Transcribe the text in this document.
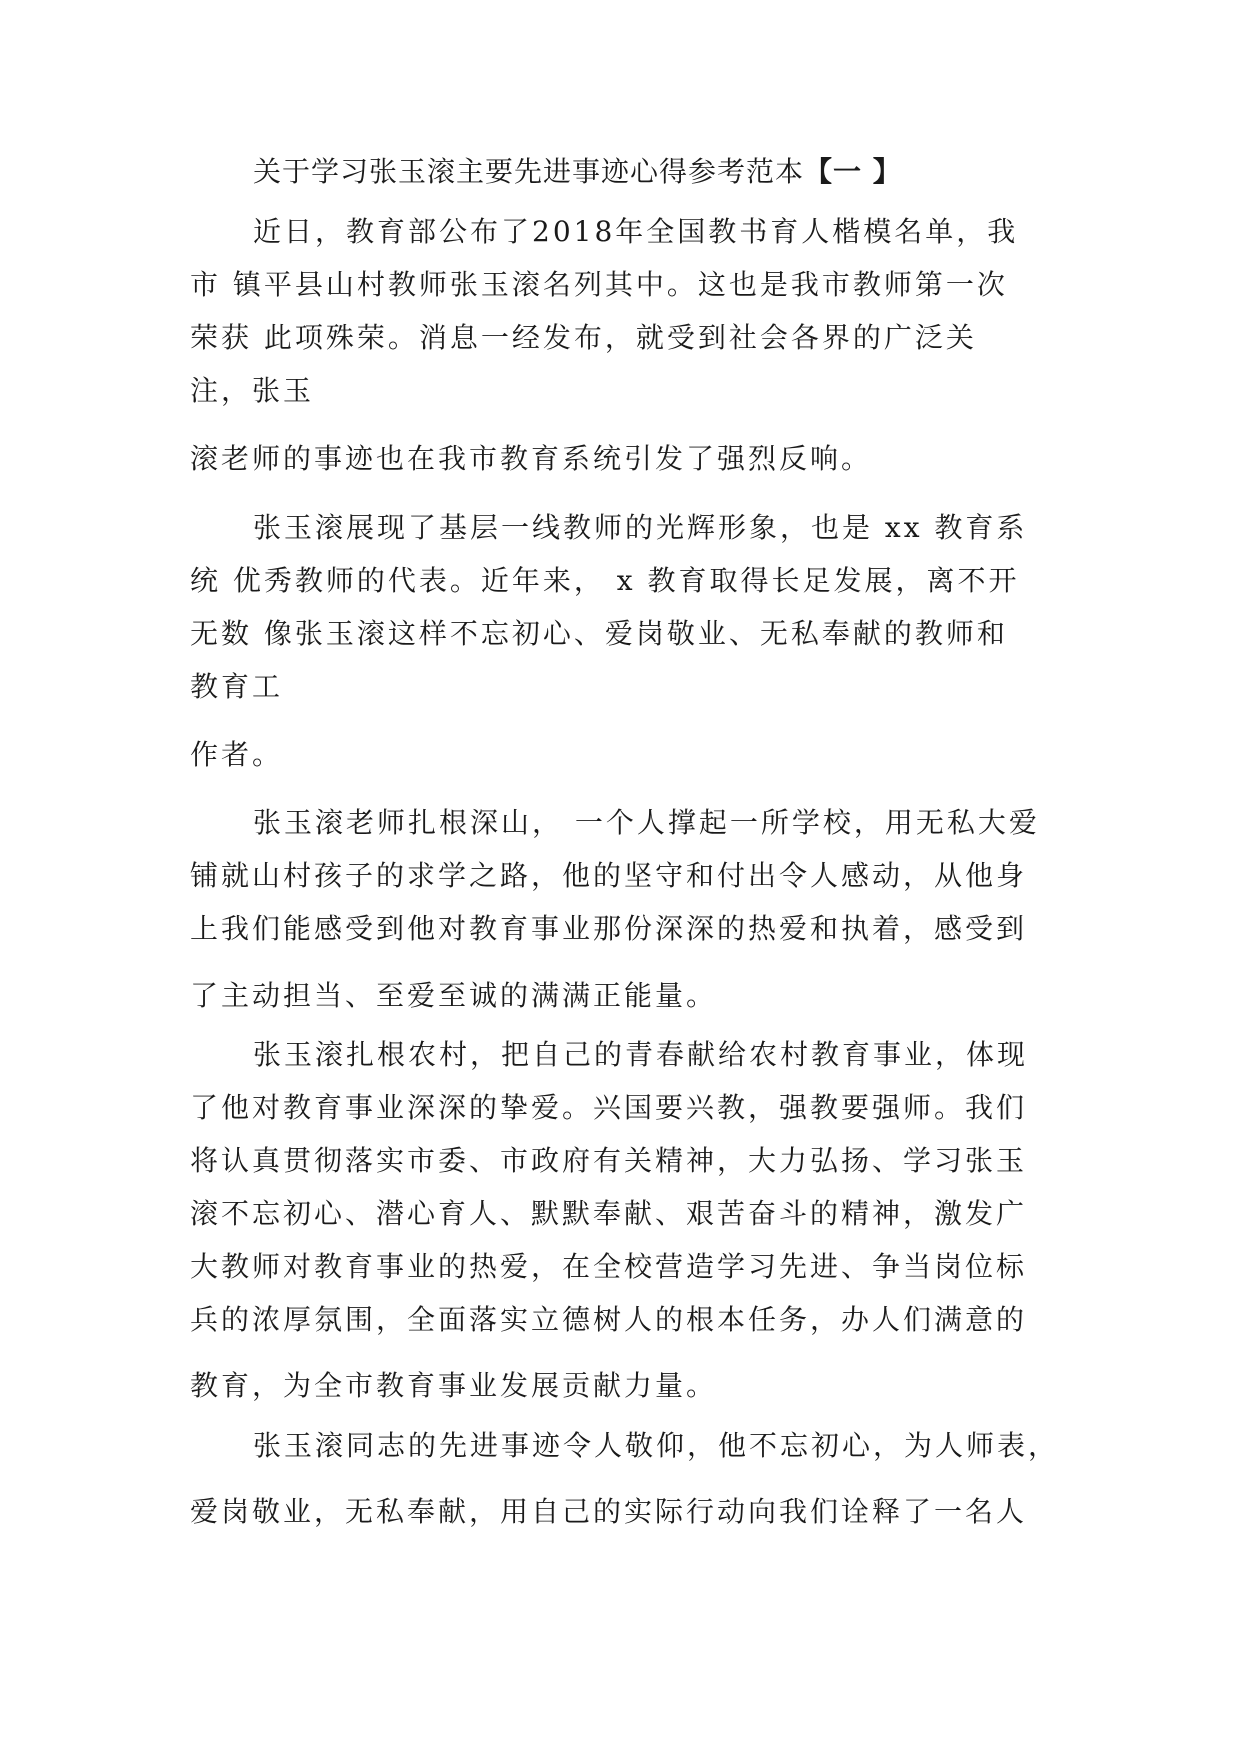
关于学习张玉滚主要先进事迹心得参考范本【一 】
近日，教育部公布了2018年全国教书育人楷模名单，我
市 镇平县山村教师张玉滚名列其中。这也是我市教师第一次
荣获 此项殊荣。消息一经发布，就受到社会各界的广泛关
注，张玉
滚老师的事迹也在我市教育系统引发了强烈反响。
张玉滚展现了基层一线教师的光辉形象，也是 xx 教育系
统 优秀教师的代表。近年来， x 教育取得长足发展，离不开
无数 像张玉滚这样不忘初心、爱岗敬业、无私奉献的教师和
教育工
作者。
张玉滚老师扎根深山， 一个人撑起一所学校，用无私大爱
铺就山村孩子的求学之路，他的坚守和付出令人感动，从他身
上我们能感受到他对教育事业那份深深的热爱和执着，感受到
了主动担当、至爱至诚的满满正能量。
张玉滚扎根农村，把自己的青春献给农村教育事业，体现
了他对教育事业深深的挚爱。兴国要兴教，强教要强师。我们
将认真贯彻落实市委、市政府有关精神，大力弘扬、学习张玉
滚不忘初心、潜心育人、默默奉献、艰苦奋斗的精神，激发广
大教师对教育事业的热爱，在全校营造学习先进、争当岗位标
兵的浓厚氛围，全面落实立德树人的根本任务，办人们满意的
教育，为全市教育事业发展贡献力量。
张玉滚同志的先进事迹令人敬仰，他不忘初心，为人师表，
爱岗敬业，无私奉献，用自己的实际行动向我们诠释了一名人
